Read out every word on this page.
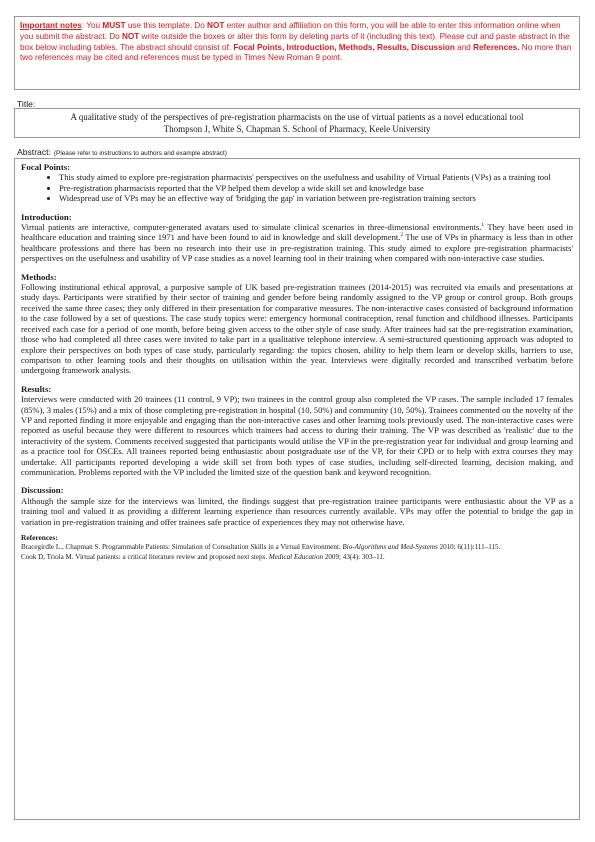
Important notes: You MUST use this template. Do NOT enter author and affiliation on this form, you will be able to enter this information online when you submit the abstract. Do NOT write outside the boxes or alter this form by deleting parts of it (including this text). Please cut and paste abstract in the box below including tables. The abstract should consist of: Focal Points, Introduction, Methods, Results, Discussion and References. No more than two references may be cited and references must be typed in Times New Roman 9 point.
Title:
A qualitative study of the perspectives of pre-registration pharmacists on the use of virtual patients as a novel educational tool
Thompson J, White S, Chapman S. School of Pharmacy, Keele University
Abstract: (Please refer to instructions to authors and example abstract)

Focal Points:

• This study aimed to explore pre-registration pharmacists' perspectives on the usefulness and usability of Virtual Patients (VPs) as a training tool
• Pre-registration pharmacists reported that the VP helped them develop a wide skill set and knowledge base
• Widespread use of VPs may be an effective way of 'bridging the gap' in variation between pre-registration training sectors

Introduction:

Virtual patients are interactive, computer-generated avatars used to simulate clinical scenarios in three-dimensional environments.$^1$ They have been used in healthcare education and training since 1971 and have been found to aid in knowledge and skill development.$^2$ The use of VPs in pharmacy is less than in other healthcare professions and there has been no research into their use in pre-registration training. This study aimed to explore pre-registration pharmacists' perspectives on the usefulness and usability of VP case studies as a novel learning tool in their training when compared with non-interactive case studies.

Methods:

Following institutional ethical approval, a purposive sample of UK based pre-registration trainees (2014-2015) was recruited via emails and presentations at study days. Participants were stratified by their sector of training and gender before being randomly assigned to the VP group or control group. Both groups received the same three cases; they only differed in their presentation for comparative measures. The non-interactive cases consisted of background information to the case followed by a set of questions. The case study topics were: emergency hormonal contraception, renal function and childhood illnesses. Participants received each case for a period of one month, before being given access to the other style of case study. After trainees had sat the pre-registration examination, those who had completed all three cases were invited to take part in a qualitative telephone interview. A semi-structured questioning approach was adopted to explore their perspectives on both types of case study, particularly regarding: the topics chosen, ability to help them learn or develop skills, barriers to use, comparison to other learning tools and their thoughts on utilisation within the year. Interviews were digitally recorded and transcribed verbatim before undergoing framework analysis.

Results:

Interviews were conducted with 20 trainees (11 control, 9 VP); two trainees in the control group also completed the VP cases. The sample included 17 females (85%), 3 males (15%) and a mix of those completing pre-registration in hospital (10, 50%) and community (10, 50%). Trainees commented on the novelty of the VP and reported finding it more enjoyable and engaging than the non-interactive cases and other learning tools previously used. The non-interactive cases were reported as useful because they were different to resources which trainees had access to during their training. The VP was described as 'realistic' due to the interactivity of the system. Comments received suggested that participants would utilise the VP in the pre-registration year for individual and group learning and as a practice tool for OSCEs. All trainees reported being enthusiastic about postgraduate use of the VP, for their CPD or to help with extra courses they may undertake. All participants reported developing a wide skill set from both types of case studies, including self-directed learning, decision making, and communication. Problems reported with the VP included the limited size of the question bank and keyword recognition.

Discussion:

Although the sample size for the interviews was limited, the findings suggest that pre-registration trainee participants were enthusiastic about the VP as a training tool and valued it as providing a different learning experience than resources currently available. VPs may offer the potential to bridge the gap in variation in pre-registration training and offer trainees safe practice of experiences they may not otherwise have.

References:

Bracegirdle L., Chapman S. Programmable Patients: Simulation of Consultation Skills in a Virtual Environment. Bio-Algorithms and Med-Systems 2010; 6(11):111–115.

Cook D, Triola M. Virtual patients: a critical literature review and proposed next steps. Medical Education 2009; 43(4): 303–11.
